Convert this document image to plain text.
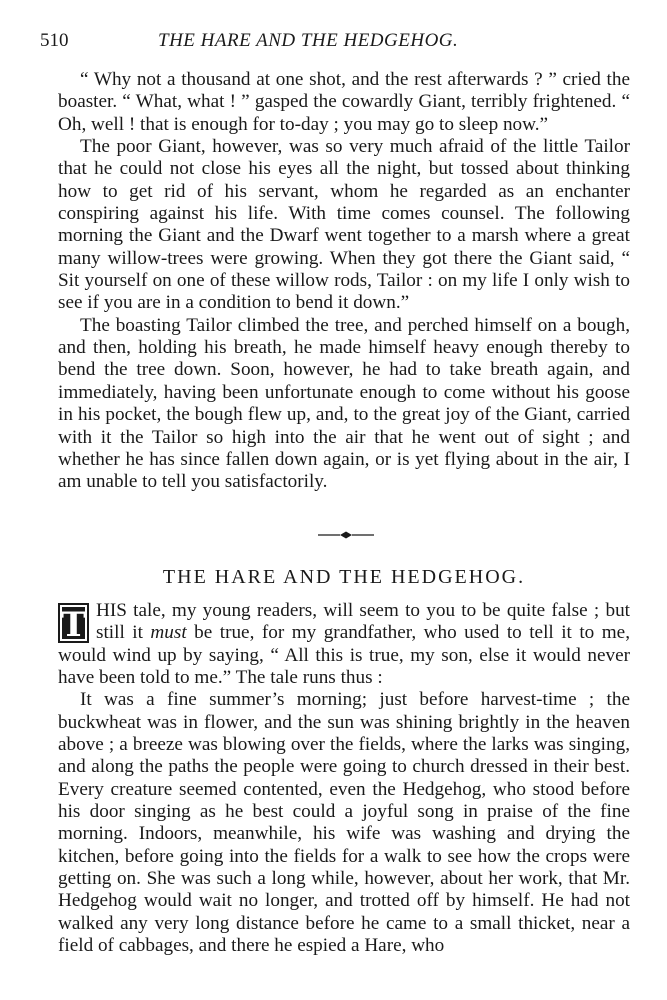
510	THE HARE AND THE HEDGEHOG.

“ Why not a thousand at one shot, and the rest afterwards ? ” cried the boaster. “ What, what ! ” gasped the cowardly Giant, terribly frightened. “ Oh, well ! that is enough for to-day ; you may go to sleep now.”

The poor Giant, however, was so very much afraid of the little Tailor that he could not close his eyes all the night, but tossed about thinking how to get rid of his servant, whom he regarded as an enchanter conspiring against his life. With time comes counsel. The following morning the Giant and the Dwarf went together to a marsh where a great many willow-trees were growing. When they got there the Giant said, “ Sit yourself on one of these willow rods, Tailor : on my life I only wish to see if you are in a condition to bend it down.”

The boasting Tailor climbed the tree, and perched himself on a bough, and then, holding his breath, he made himself heavy enough thereby to bend the tree down. Soon, however, he had to take breath again, and immediately, having been unfortunate enough to come without his goose in his pocket, the bough flew up, and, to the great joy of the Giant, carried with it the Tailor so high into the air that he went out of sight ; and whether he has since fallen down again, or is yet flying about in the air, I am unable to tell you satisfactorily.

THE HARE AND THE HEDGEHOG.

T HIS tale, my young readers, will seem to you to be quite false ; but still it must be true, for my grandfather, who used to tell it to me, would wind up by saying, “ All this is true, my son, else it would never have been told to me.” The tale runs thus :

It was a fine summer’s morning; just before harvest-time ; the buckwheat was in flower, and the sun was shining brightly in the heaven above ; a breeze was blowing over the fields, where the larks was singing, and along the paths the people were going to church dressed in their best. Every creature seemed contented, even the Hedgehog, who stood before his door singing as he best could a joyful song in praise of the fine morning. Indoors, meanwhile, his wife was washing and drying the kitchen, before going into the fields for a walk to see how the crops were getting on. She was such a long while, however, about her work, that Mr. Hedgehog would wait no longer, and trotted off by himself. He had not walked any very long distance before he came to a small thicket, near a field of cabbages, and there he espied a Hare, who
